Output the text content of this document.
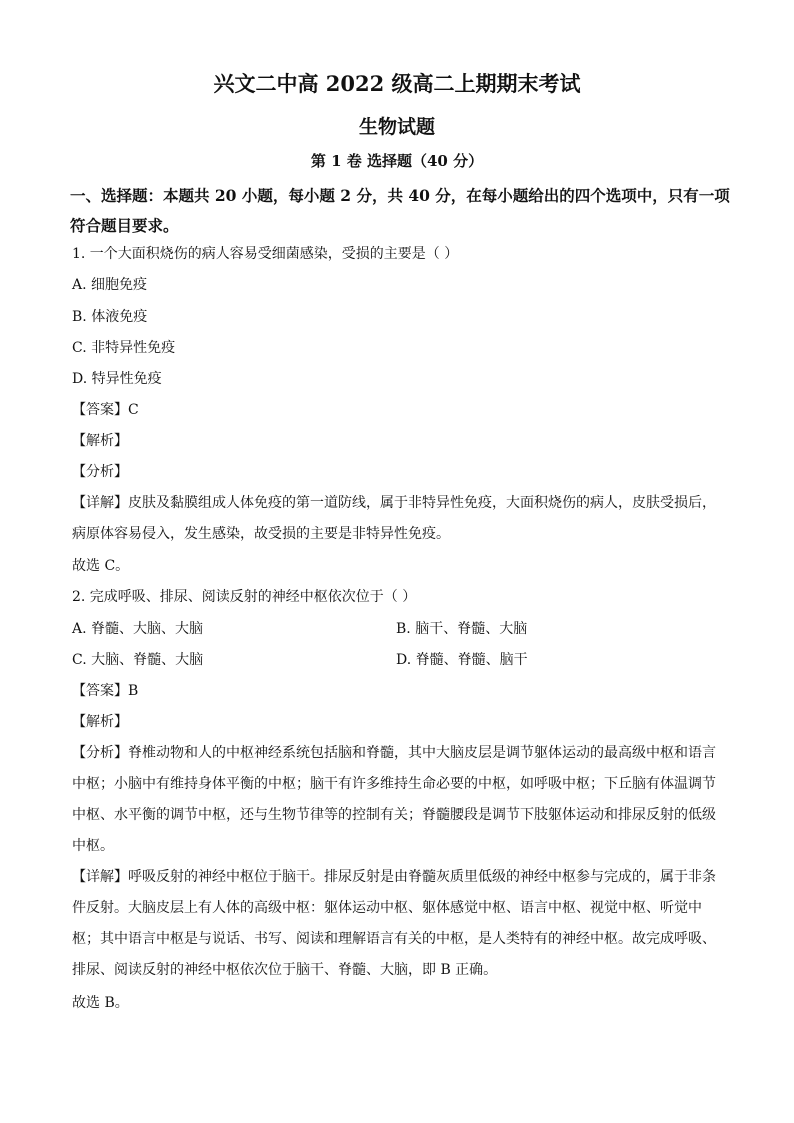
兴文二中高 2022 级高二上期期末考试
生物试题
第 1 卷 选择题（40 分）
一、选择题：本题共 20 小题，每小题 2 分，共 40 分，在每小题给出的四个选项中，只有一项符合题目要求。
1. 一个大面积烧伤的病人容易受细菌感染，受损的主要是（ ）
A. 细胞免疫
B. 体液免疫
C. 非特异性免疫
D. 特异性免疫
【答案】C
【解析】
【分析】
【详解】皮肤及黏膜组成人体免疫的第一道防线，属于非特异性免疫，大面积烧伤的病人，皮肤受损后，病原体容易侵入，发生感染，故受损的主要是非特异性免疫。
故选 C。
2. 完成呼吸、排尿、阅读反射的神经中枢依次位于（ ）
A. 脊髓、大脑、大脑	B. 脑干、脊髓、大脑
C. 大脑、脊髓、大脑	D. 脊髓、脊髓、脑干
【答案】B
【解析】
【分析】脊椎动物和人的中枢神经系统包括脑和脊髓，其中大脑皮层是调节躯体运动的最高级中枢和语言中枢；小脑中有维持身体平衡的中枢；脑干有许多维持生命必要的中枢，如呼吸中枢；下丘脑有体温调节中枢、水平衡的调节中枢，还与生物节律等的控制有关；脊髓腰段是调节下肢躯体运动和排尿反射的低级中枢。
【详解】呼吸反射的神经中枢位于脑干。排尿反射是由脊髓灰质里低级的神经中枢参与完成的，属于非条件反射。大脑皮层上有人体的高级中枢：躯体运动中枢、躯体感觉中枢、语言中枢、视觉中枢、听觉中枢；其中语言中枢是与说话、书写、阅读和理解语言有关的中枢，是人类特有的神经中枢。故完成呼吸、排尿、阅读反射的神经中枢依次位于脑干、脊髓、大脑，即 B 正确。
故选 B。
